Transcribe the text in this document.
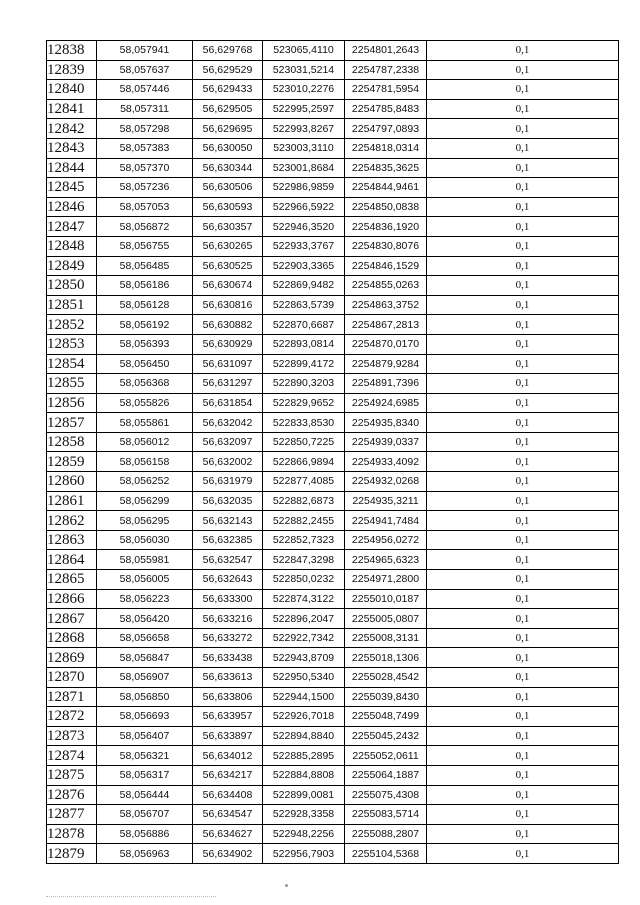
12838	58,057941	56,629768	523065,4110	2254801,2643	0,1
12839	58,057637	56,629529	523031,5214	2254787,2338	0,1
12840	58,057446	56,629433	523010,2276	2254781,5954	0,1
12841	58,057311	56,629505	522995,2597	2254785,8483	0,1
12842	58,057298	56,629695	522993,8267	2254797,0893	0,1
12843	58,057383	56,630050	523003,3110	2254818,0314	0,1
12844	58,057370	56,630344	523001,8684	2254835,3625	0,1
12845	58,057236	56,630506	522986,9859	2254844,9461	0,1
12846	58,057053	56,630593	522966,5922	2254850,0838	0,1
12847	58,056872	56,630357	522946,3520	2254836,1920	0,1
12848	58,056755	56,630265	522933,3767	2254830,8076	0,1
12849	58,056485	56,630525	522903,3365	2254846,1529	0,1
12850	58,056186	56,630674	522869,9482	2254855,0263	0,1
12851	58,056128	56,630816	522863,5739	2254863,3752	0,1
12852	58,056192	56,630882	522870,6687	2254867,2813	0,1
12853	58,056393	56,630929	522893,0814	2254870,0170	0,1
12854	58,056450	56,631097	522899,4172	2254879,9284	0,1
12855	58,056368	56,631297	522890,3203	2254891,7396	0,1
12856	58,055826	56,631854	522829,9652	2254924,6985	0,1
12857	58,055861	56,632042	522833,8530	2254935,8340	0,1
12858	58,056012	56,632097	522850,7225	2254939,0337	0,1
12859	58,056158	56,632002	522866,9894	2254933,4092	0,1
12860	58,056252	56,631979	522877,4085	2254932,0268	0,1
12861	58,056299	56,632035	522882,6873	2254935,3211	0,1
12862	58,056295	56,632143	522882,2455	2254941,7484	0,1
12863	58,056030	56,632385	522852,7323	2254956,0272	0,1
12864	58,055981	56,632547	522847,3298	2254965,6323	0,1
12865	58,056005	56,632643	522850,0232	2254971,2800	0,1
12866	58,056223	56,633300	522874,3122	2255010,0187	0,1
12867	58,056420	56,633216	522896,2047	2255005,0807	0,1
12868	58,056658	56,633272	522922,7342	2255008,3131	0,1
12869	58,056847	56,633438	522943,8709	2255018,1306	0,1
12870	58,056907	56,633613	522950,5340	2255028,4542	0,1
12871	58,056850	56,633806	522944,1500	2255039,8430	0,1
12872	58,056693	56,633957	522926,7018	2255048,7499	0,1
12873	58,056407	56,633897	522894,8840	2255045,2432	0,1
12874	58,056321	56,634012	522885,2895	2255052,0611	0,1
12875	58,056317	56,634217	522884,8808	2255064,1887	0,1
12876	58,056444	56,634408	522899,0081	2255075,4308	0,1
12877	58,056707	56,634547	522928,3358	2255083,5714	0,1
12878	58,056886	56,634627	522948,2256	2255088,2807	0,1
12879	58,056963	56,634902	522956,7903	2255104,5368	0,1
